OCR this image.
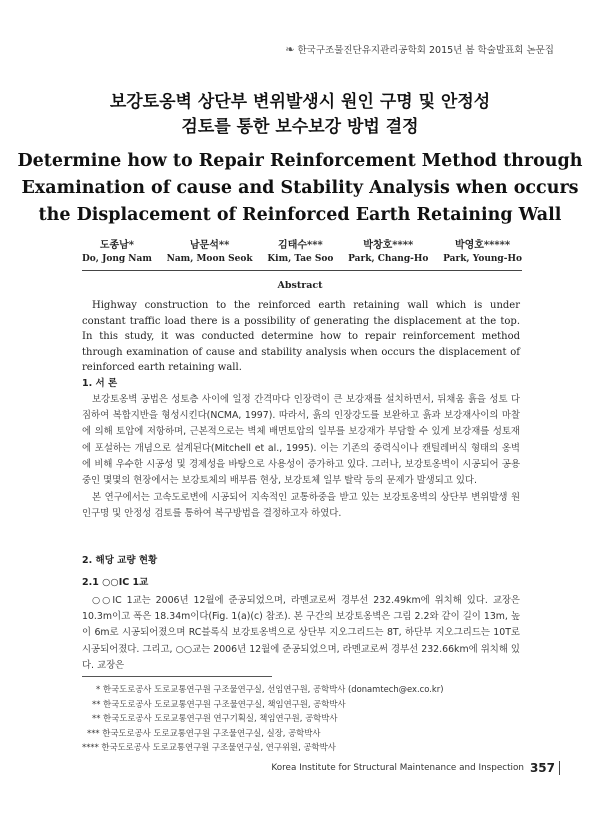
❧ 한국구조물진단유지관리공학회 2015년 봄 학술발표회 논문집
보강토옹벽 상단부 변위발생시 원인 구명 및 안정성
검토를 통한 보수보강 방법 결정
Determine how to Repair Reinforcement Method through
Examination of cause and Stability Analysis when occurs
the Displacement of Reinforced Earth Retaining Wall
도종남*
Do, Jong Nam
남문석**
Nam, Moon Seok
김태수***
Kim, Tae Soo
박창호****
Park, Chang-Ho
박영호*****
Park, Young-Ho
Abstract
Highway construction to the reinforced earth retaining wall which is under constant traffic load there is a possibility of generating the displacement at the top. In this study, it was conducted determine how to repair reinforcement method through examination of cause and stability analysis when occurs the displacement of reinforced earth retaining wall.
1. 서 론
보강토옹벽 공법은 성토층 사이에 일정 간격마다 인장력이 큰 보강재를 설치하면서, 뒤채움 흙을 성토 다짐하여 복합지반을 형성시킨다(NCMA, 1997). 따라서, 흙의 인장강도를 보완하고 흙과 보강재사이의 마찰에 의해 토압에 저항하며, 근본적으로는 벽체 배면토압의 일부를 보강재가 부담할 수 있게 보강재를 성토재에 포설하는 개념으로 설계된다(Mitchell et al., 1995). 이는 기존의 중력식이나 캔틸레버식 형태의 옹벽에 비해 우수한 시공성 및 경제성을 바탕으로 사용성이 증가하고 있다. 그러나, 보강토옹벽이 시공되어 공용중인 몇몇의 현장에서는 보강토체의 배부름 현상, 보강토체 일부 탈락 등의 문제가 발생되고 있다.
본 연구에서는 고속도로변에 시공되어 지속적인 교통하중을 받고 있는 보강토옹벽의 상단부 변위발생 원인구명 및 안정성 검토를 통하여 복구방법을 결정하고자 하였다.
2. 해당 교량 현황
2.1 ○○IC 1교
○○IC 1교는 2006년 12월에 준공되었으며, 라멘교로써 경부선 232.49km에 위치해 있다. 교장은 10.3m이고 폭은 18.34m이다(Fig. 1(a)(c) 참조). 본 구간의 보강토옹벽은 그림 2.2와 같이 길이 13m, 높이 6m로 시공되어졌으며 RC블록식 보강토옹벽으로 상단부 지오그리드는 8T, 하단부 지오그리드는 10T로 시공되어졌다. 그리고, ○○교는 2006년 12월에 준공되었으며, 라멘교로써 경부선 232.66km에 위치해 있다. 교장은
* 한국도로공사 도로교통연구원 구조물연구실, 선임연구원, 공학박사 (donamtech@ex.co.kr)
** 한국도로공사 도로교통연구원 구조물연구실, 책임연구원, 공학박사
** 한국도로공사 도로교통연구원 연구기획실, 책임연구원, 공학박사
*** 한국도로공사 도로교통연구원 구조물연구실, 실장, 공학박사
**** 한국도로공사 도로교통연구원 구조물연구실, 연구위원, 공학박사
Korea Institute for Structural Maintenance and Inspection 357
